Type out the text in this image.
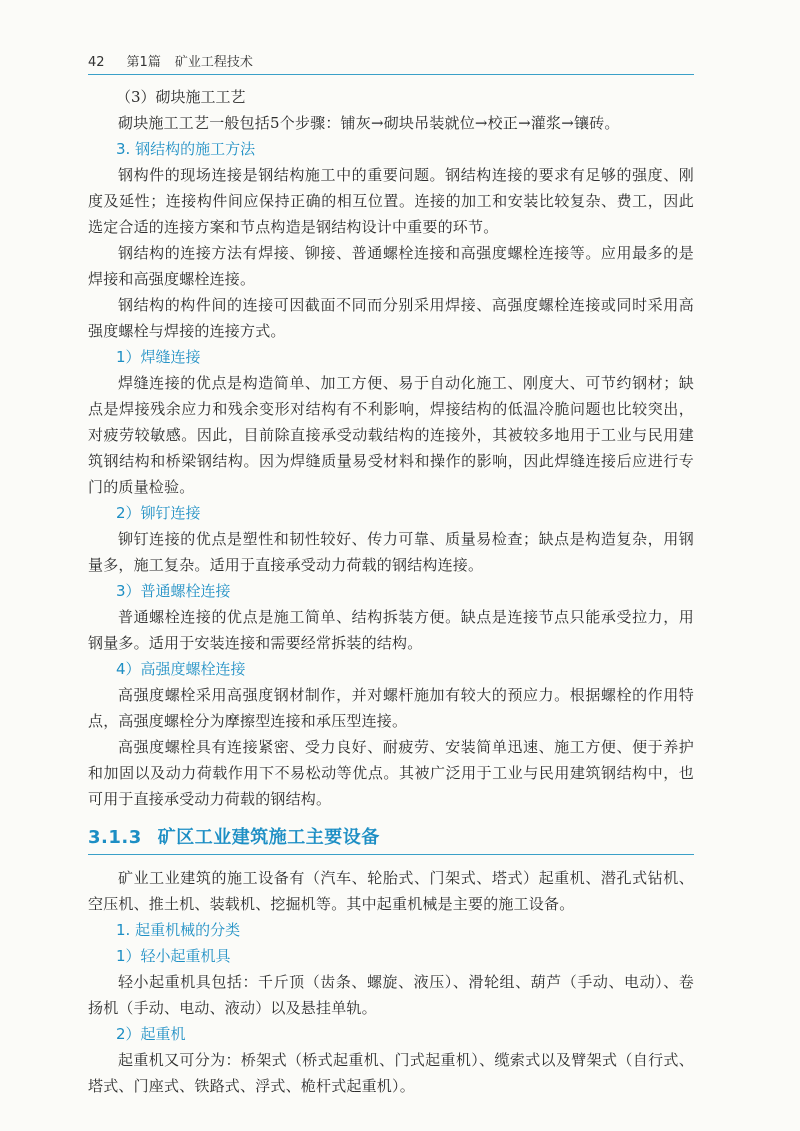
42 第1篇 矿业工程技术
（3）砌块施工工艺

砌块施工工艺一般包括5个步骤：铺灰→砌块吊装就位→校正→灌浆→镶砖。

3. 钢结构的施工方法

钢构件的现场连接是钢结构施工中的重要问题。钢结构连接的要求有足够的强度、刚度及延性；连接构件间应保持正确的相互位置。连接的加工和安装比较复杂、费工，因此选定合适的连接方案和节点构造是钢结构设计中重要的环节。

钢结构的连接方法有焊接、铆接、普通螺栓连接和高强度螺栓连接等。应用最多的是焊接和高强度螺栓连接。

钢结构的构件间的连接可因截面不同而分别采用焊接、高强度螺栓连接或同时采用高强度螺栓与焊接的连接方式。

1）焊缝连接

焊缝连接的优点是构造简单、加工方便、易于自动化施工、刚度大、可节约钢材；缺点是焊接残余应力和残余变形对结构有不利影响，焊接结构的低温冷脆问题也比较突出，对疲劳较敏感。因此，目前除直接承受动载结构的连接外，其被较多地用于工业与民用建筑钢结构和桥梁钢结构。因为焊缝质量易受材料和操作的影响，因此焊缝连接后应进行专门的质量检验。

2）铆钉连接

铆钉连接的优点是塑性和韧性较好、传力可靠、质量易检查；缺点是构造复杂，用钢量多，施工复杂。适用于直接承受动力荷载的钢结构连接。

3）普通螺栓连接

普通螺栓连接的优点是施工简单、结构拆装方便。缺点是连接节点只能承受拉力，用钢量多。适用于安装连接和需要经常拆装的结构。

4）高强度螺栓连接

高强度螺栓采用高强度钢材制作，并对螺杆施加有较大的预应力。根据螺栓的作用特点，高强度螺栓分为摩擦型连接和承压型连接。

高强度螺栓具有连接紧密、受力良好、耐疲劳、安装简单迅速、施工方便、便于养护和加固以及动力荷载作用下不易松动等优点。其被广泛用于工业与民用建筑钢结构中，也可用于直接承受动力荷载的钢结构。

3.1.3 矿区工业建筑施工主要设备

矿业工业建筑的施工设备有（汽车、轮胎式、门架式、塔式）起重机、潜孔式钻机、空压机、推土机、装载机、挖掘机等。其中起重机械是主要的施工设备。

1. 起重机械的分类
1）轻小起重机具

轻小起重机具包括：千斤顶（齿条、螺旋、液压）、滑轮组、葫芦（手动、电动）、卷扬机（手动、电动、液动）以及悬挂单轨。

2）起重机

起重机又可分为：桥架式（桥式起重机、门式起重机）、缆索式以及臂架式（自行式、塔式、门座式、铁路式、浮式、桅杆式起重机）。
